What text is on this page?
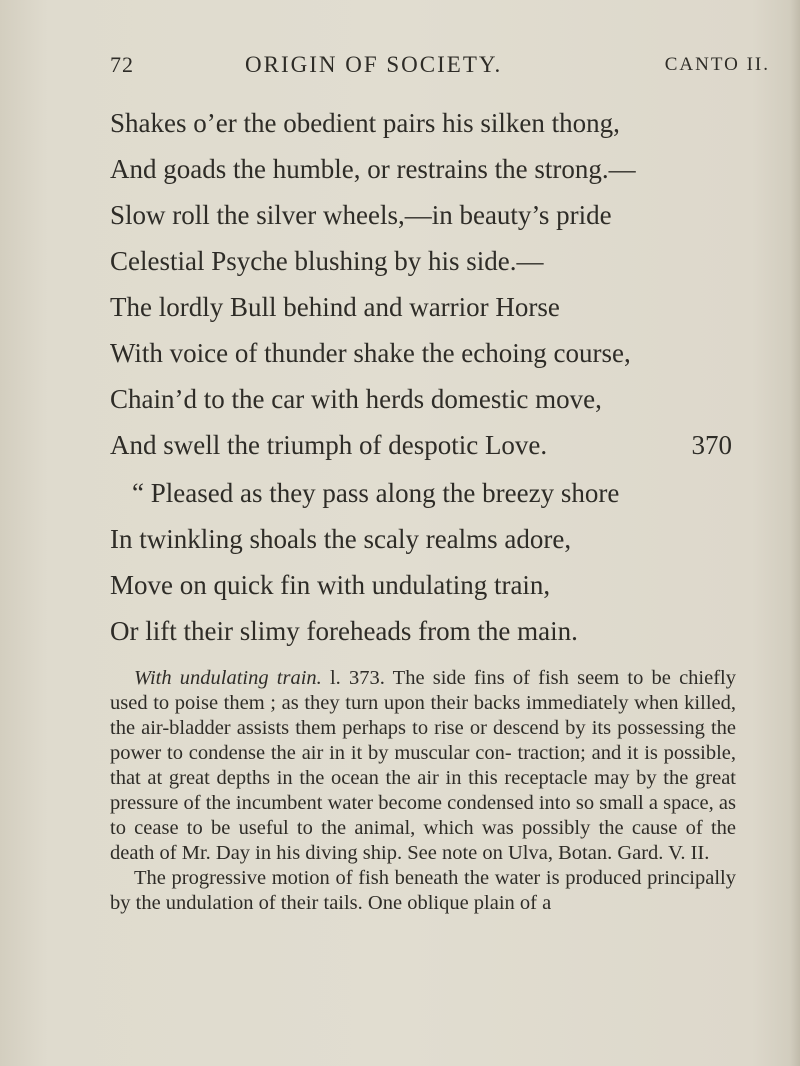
72	ORIGIN OF SOCIETY.	CANTO II.
Shakes o’er the obedient pairs his silken thong,
And goads the humble, or restrains the strong.—
Slow roll the silver wheels,—in beauty’s pride
Celestial Psyche blushing by his side.—
The lordly Bull behind and warrior Horse
With voice of thunder shake the echoing course,
Chain’d to the car with herds domestic move,
And swell the triumph of despotic Love.	370
“ Pleased as they pass along the breezy shore
In twinkling shoals the scaly realms adore,
Move on quick fin with undulating train,
Or lift their slimy foreheads from the main.

With undulating train. l. 373. The side fins of fish seem to be chiefly used to poise them ; as they turn upon their backs immediately when killed, the air-bladder assists them perhaps to rise or descend by its possessing the power to condense the air in it by muscular con- traction; and it is possible, that at great depths in the ocean the air in this receptacle may by the great pressure of the incumbent water become condensed into so small a space, as to cease to be useful to the animal, which was possibly the cause of the death of Mr. Day in his diving ship. See note on Ulva, Botan. Gard. V. II.

The progressive motion of fish beneath the water is produced principally by the undulation of their tails. One oblique plain of a
